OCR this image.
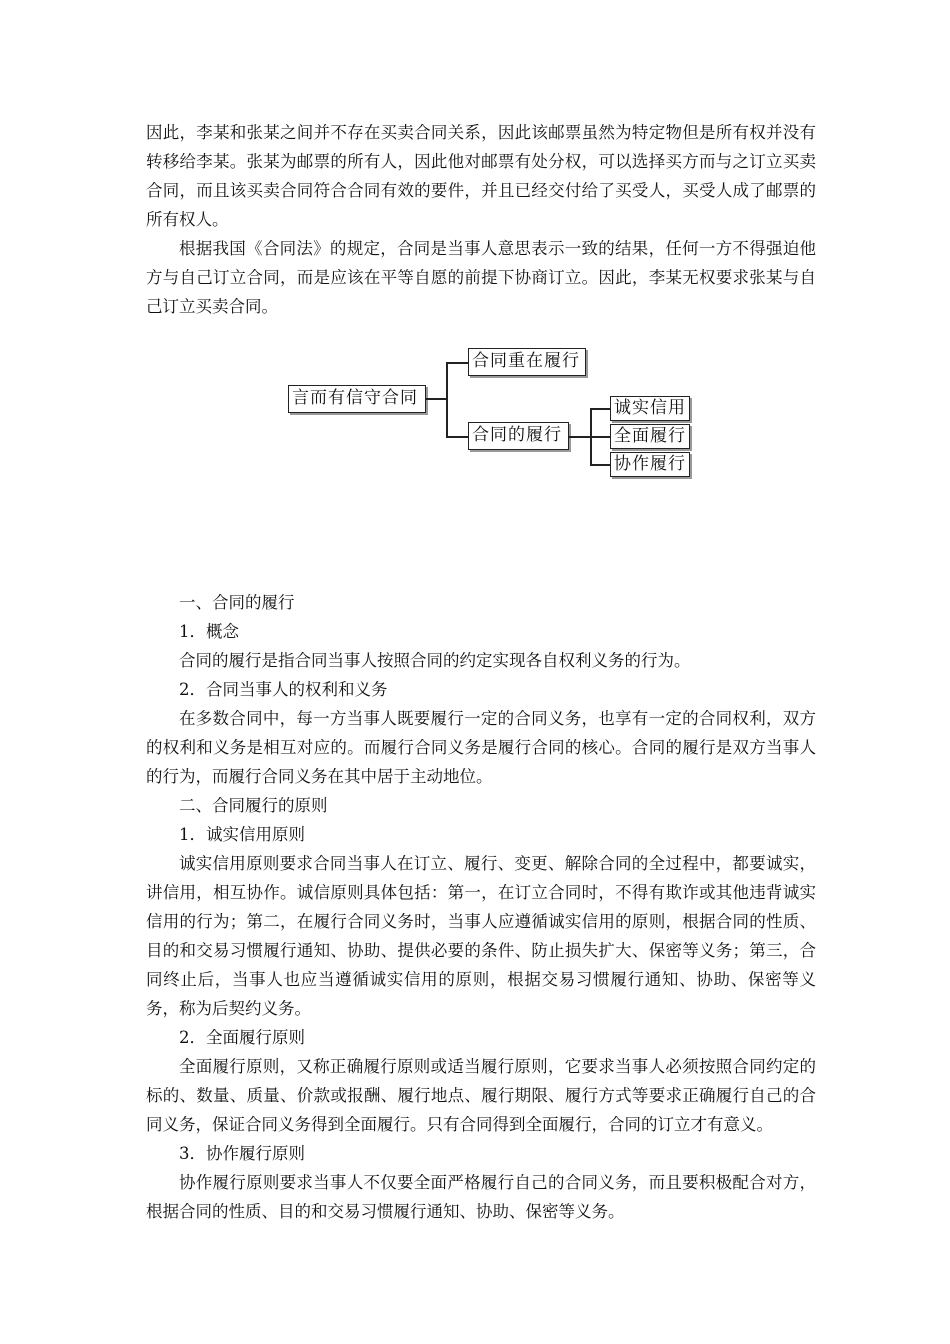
因此，李某和张某之间并不存在买卖合同关系，因此该邮票虽然为特定物但是所有权并没有转移给李某。张某为邮票的所有人，因此他对邮票有处分权，可以选择买方而与之订立买卖合同，而且该买卖合同符合合同有效的要件，并且已经交付给了买受人，买受人成了邮票的所有权人。

根据我国《合同法》的规定，合同是当事人意思表示一致的结果，任何一方不得强迫他方与自己订立合同，而是应该在平等自愿的前提下协商订立。因此，李某无权要求张某与自己订立买卖合同。

言而有信守合同
合同重在履行
合同的履行
诚实信用
全面履行
协作履行

一、合同的履行

1．概念

合同的履行是指合同当事人按照合同的约定实现各自权利义务的行为。

2．合同当事人的权利和义务

在多数合同中，每一方当事人既要履行一定的合同义务，也享有一定的合同权利，双方的权利和义务是相互对应的。而履行合同义务是履行合同的核心。合同的履行是双方当事人的行为，而履行合同义务在其中居于主动地位。

二、合同履行的原则

1．诚实信用原则

诚实信用原则要求合同当事人在订立、履行、变更、解除合同的全过程中，都要诚实，讲信用，相互协作。诚信原则具体包括：第一，在订立合同时，不得有欺诈或其他违背诚实信用的行为；第二，在履行合同义务时，当事人应遵循诚实信用的原则，根据合同的性质、目的和交易习惯履行通知、协助、提供必要的条件、防止损失扩大、保密等义务；第三，合同终止后，当事人也应当遵循诚实信用的原则，根据交易习惯履行通知、协助、保密等义务，称为后契约义务。

2．全面履行原则

全面履行原则，又称正确履行原则或适当履行原则，它要求当事人必须按照合同约定的标的、数量、质量、价款或报酬、履行地点、履行期限、履行方式等要求正确履行自己的合同义务，保证合同义务得到全面履行。只有合同得到全面履行，合同的订立才有意义。

3．协作履行原则

协作履行原则要求当事人不仅要全面严格履行自己的合同义务，而且要积极配合对方，根据合同的性质、目的和交易习惯履行通知、协助、保密等义务。
